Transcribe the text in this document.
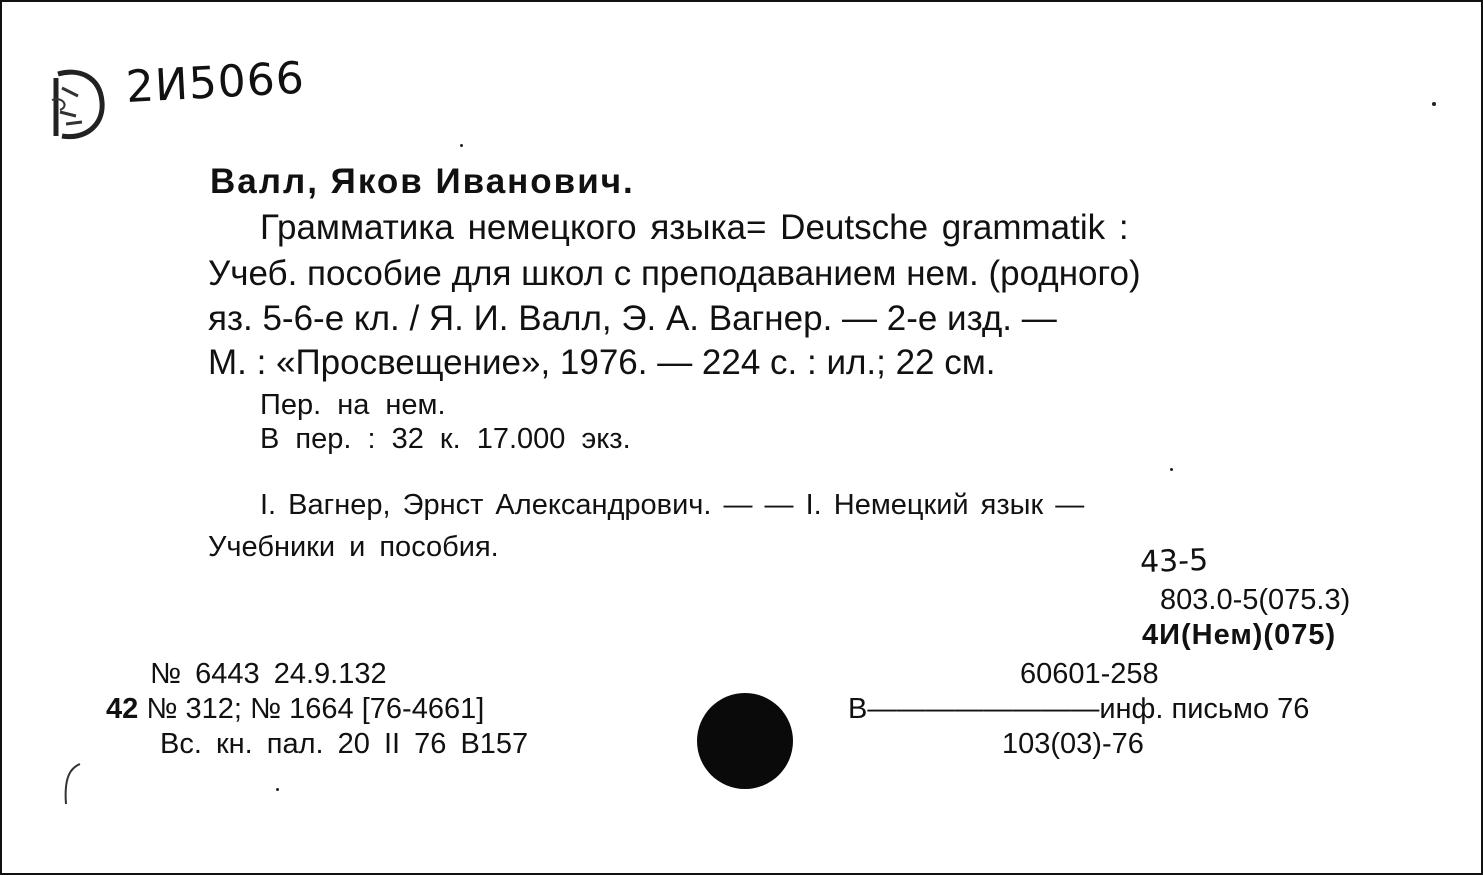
2И5066
Валл, Яков Иванович.
Грамматика немецкого языка= Deutsche grammatik :
Учеб. пособие для школ с преподаванием нем. (родного)
яз. 5-6-е кл. / Я. И. Валл, Э. А. Вагнер. — 2-е изд. —
М. : «Просвещение», 1976. — 224 с. : ил.; 22 см.
Пер. на нем.
В пер. : 32 к. 17.000 экз.
I. Вагнер, Эрнст Александрович. — — I. Немецкий язык —
Учебники и пособия.	43-5
803.0-5(075.3)
4И(Нем)(075)
60601-258
В————————инф. письмо 76
103(03)-76
№ 6443 24.9.132
42 № 312; № 1664 [76-4661]
Вс. кн. пал. 20 II 76 В157
